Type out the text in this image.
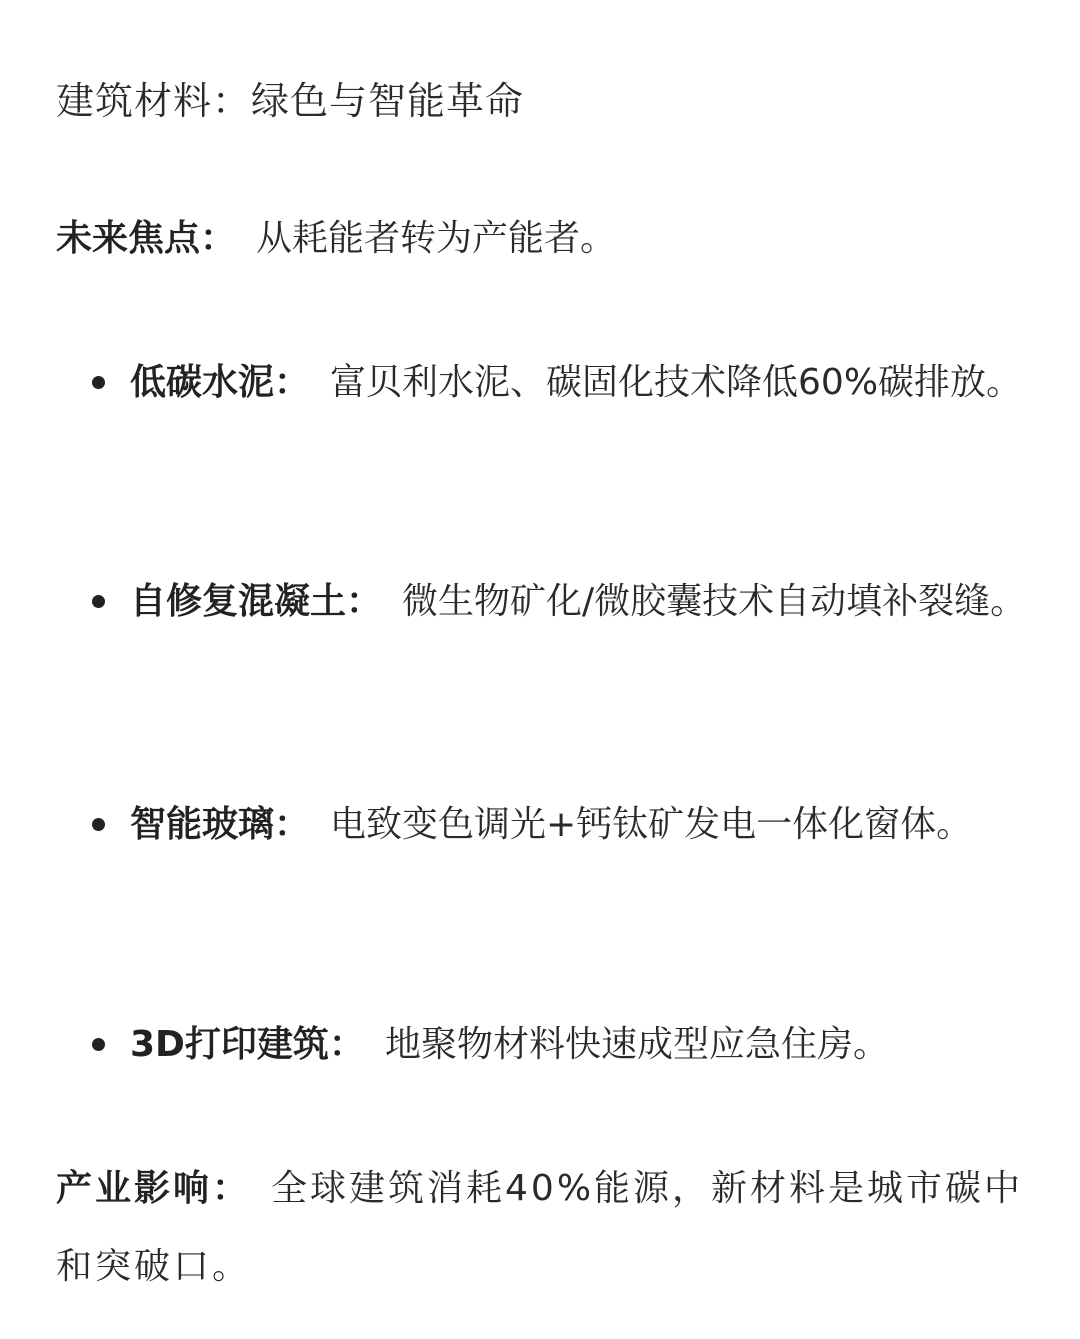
建筑材料：绿色与智能革命
未来焦点： 从耗能者转为产能者。
低碳水泥： 富贝利水泥、碳固化技术降低60%碳排放。
自修复混凝土： 微生物矿化/微胶囊技术自动填补裂缝。
智能玻璃： 电致变色调光+钙钛矿发电一体化窗体。
3D打印建筑： 地聚物材料快速成型应急住房。
产业影响： 全球建筑消耗40%能源，新材料是城市碳中和突破口。
